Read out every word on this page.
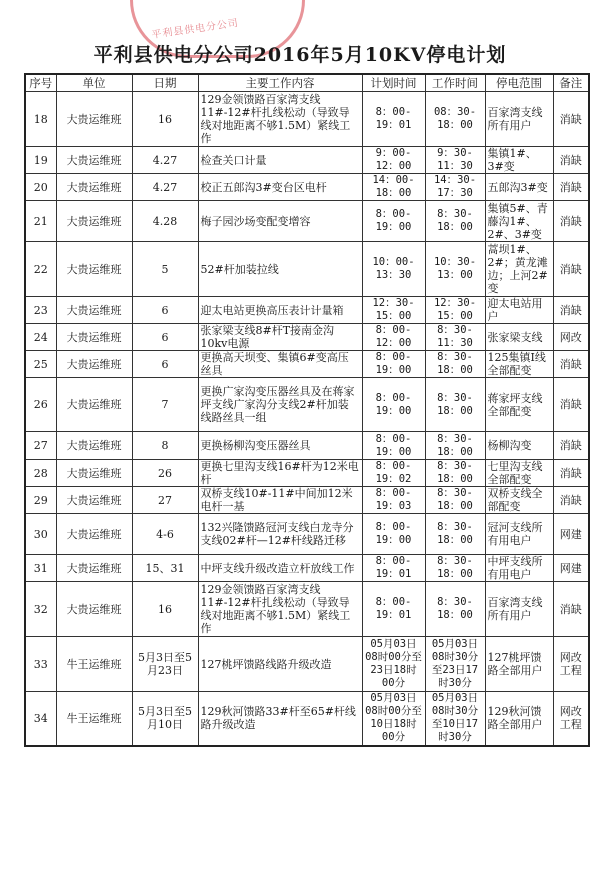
平利县供电分公司
平利县供电分公司2016年5月10KV停电计划
序号	单位	日期	主要工作内容	计划时间	工作时间	停电范围	备注
18	大贵运维班	16	129金领馈路百家湾支线11#-12#杆扎线松动（导致导线对地距离不够1.5M）紧线工作	8：00-19：01	08：30-18：00	百家湾支线所有用户	消缺
19	大贵运维班	4.27	检查关口计量	9：00-12：00	9：30-11：30	集镇1#、3#变	消缺
20	大贵运维班	4.27	校正五郎沟3#变台区电杆	14：00-18：00	14：30-17：30	五郎沟3#变	消缺
21	大贵运维班	4.28	梅子园沙场变配变增容	8：00-19：00	8：30-18：00	集镇5#、青藤沟1#、2#、3#变	消缺
22	大贵运维班	5	52#杆加装拉线	10：00-13：30	10：30-13：00	蒿坝1#、2#；黄龙滩边；上河2#变	消缺
23	大贵运维班	6	迎太电站更换高压表计计量箱	12：30-15：00	12：30-15：00	迎太电站用户	消缺
24	大贵运维班	6	张家梁支线8#杆T接南金沟10kv电源	8：00-12：00	8：30-11：30	张家梁支线	网改
25	大贵运维班	6	更换高天坝变、集镇6#变高压丝具	8：00-19：00	8：30-18：00	125集镇I线全部配变	消缺
26	大贵运维班	7	更换广家沟变压器丝具及在蒋家坪支线广家沟分支线2#杆加装线路丝具一组	8：00-19：00	8：30-18：00	蒋家坪支线全部配变	消缺
27	大贵运维班	8	更换杨柳沟变压器丝具	8：00-19：00	8：30-18：00	杨柳沟变	消缺
28	大贵运维班	26	更换七里沟支线16#杆为12米电杆	8：00-19：02	8：30-18：00	七里沟支线全部配变	消缺
29	大贵运维班	27	双桥支线10#-11#中间加12米电杆一基	8：00-19：03	8：30-18：00	双桥支线全部配变	消缺
30	大贵运维班	4-6	132兴隆馈路冠河支线白龙寺分支线02#杆—12#杆线路迁移	8：00-19：00	8：30-18：00	冠河支线所有用电户	网建
31	大贵运维班	15、31	中坪支线升级改造立杆放线工作	8：00-19：01	8：30-18：00	中坪支线所有用电户	网建
32	大贵运维班	16	129金领馈路百家湾支线11#-12#杆扎线松动（导致导线对地距离不够1.5M）紧线工作	8：00-19：01	8：30-18：00	百家湾支线所有用户	消缺
33	牛王运维班	5月3日至5月23日	127桃坪馈路线路升级改造	05月03日08时00分至23日18时00分	05月03日08时30分至23日17时30分	127桃坪馈路全部用户	网改工程
34	牛王运维班	5月3日至5月10日	129秋河馈路33#杆至65#杆线路升级改造	05月03日08时00分至10日18时00分	05月03日08时30分至10日17时30分	129秋河馈路全部用户	网改工程
